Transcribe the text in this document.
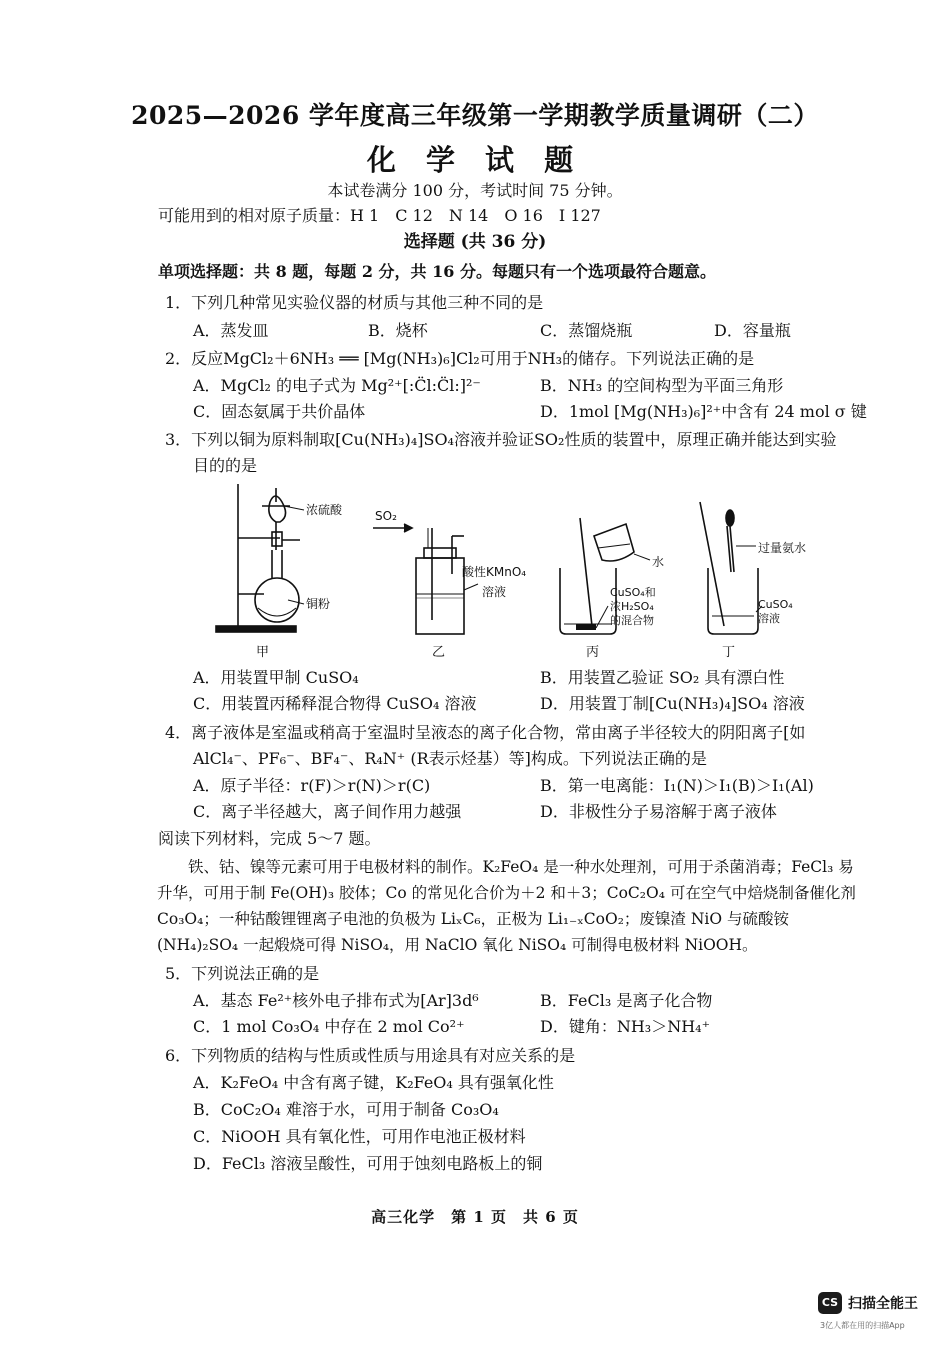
2025—2026 学年度高三年级第一学期教学质量调研（二）
化 学 试 题
本试卷满分 100 分，考试时间 75 分钟。
可能用到的相对原子质量：H 1　C 12　N 14　O 16　I 127
选择题 (共 36 分)
单项选择题：共 8 题，每题 2 分，共 16 分。每题只有一个选项最符合题意。
1．下列几种常见实验仪器的材质与其他三种不同的是
A．蒸发皿	B．烧杯	C．蒸馏烧瓶	D．容量瓶
2．反应MgCl₂＋6NH₃ ══ [Mg(NH₃)₆]Cl₂可用于NH₃的储存。下列说法正确的是
A．MgCl₂ 的电子式为 Mg²⁺[:C̈l:C̈l:]²⁻	B．NH₃ 的空间构型为平面三角形
C．固态氨属于共价晶体	D．1mol [Mg(NH₃)₆]²⁺中含有 24 mol σ 键
3．下列以铜为原料制取[Cu(NH₃)₄]SO₄溶液并验证SO₂性质的装置中，原理正确并能达到实验
目的的是
浓硫酸
铜粉
甲
SO₂
酸性KMnO₄
溶液
乙
水
CuSO₄和
浓H₂SO₄
的混合物
丙
过量氨水
CuSO₄
溶液
丁
A．用装置甲制 CuSO₄	B．用装置乙验证 SO₂ 具有漂白性
C．用装置丙稀释混合物得 CuSO₄ 溶液	D．用装置丁制[Cu(NH₃)₄]SO₄ 溶液
4．离子液体是室温或稍高于室温时呈液态的离子化合物，常由离子半径较大的阴阳离子[如
AlCl₄⁻、PF₆⁻、BF₄⁻、R₄N⁺ (R表示烃基）等]构成。下列说法正确的是
A．原子半径：r(F)＞r(N)＞r(C)	B．第一电离能：I₁(N)＞I₁(B)＞I₁(Al)
C．离子半径越大，离子间作用力越强	D．非极性分子易溶解于离子液体
阅读下列材料，完成 5～7 题。
铁、钴、镍等元素可用于电极材料的制作。K₂FeO₄ 是一种水处理剂，可用于杀菌消毒；FeCl₃ 易升华，可用于制 Fe(OH)₃ 胶体；Co 的常见化合价为＋2 和＋3；CoC₂O₄ 可在空气中焙烧制备催化剂 Co₃O₄；一种钴酸锂锂离子电池的负极为 LiₓC₆，正极为 Li₁₋ₓCoO₂；废镍渣 NiO 与硫酸铵(NH₄)₂SO₄ 一起煅烧可得 NiSO₄，用 NaClO 氧化 NiSO₄ 可制得电极材料 NiOOH。
5．下列说法正确的是
A．基态 Fe²⁺核外电子排布式为[Ar]3d⁶	B．FeCl₃ 是离子化合物
C．1 mol Co₃O₄ 中存在 2 mol Co²⁺	D．键角：NH₃＞NH₄⁺
6．下列物质的结构与性质或性质与用途具有对应关系的是
A．K₂FeO₄ 中含有离子键，K₂FeO₄ 具有强氧化性
B．CoC₂O₄ 难溶于水，可用于制备 Co₃O₄
C．NiOOH 具有氧化性，可用作电池正极材料
D．FeCl₃ 溶液呈酸性，可用于蚀刻电路板上的铜
高三化学　第 1 页　共 6 页
CS 扫描全能王
3亿人都在用的扫描App
